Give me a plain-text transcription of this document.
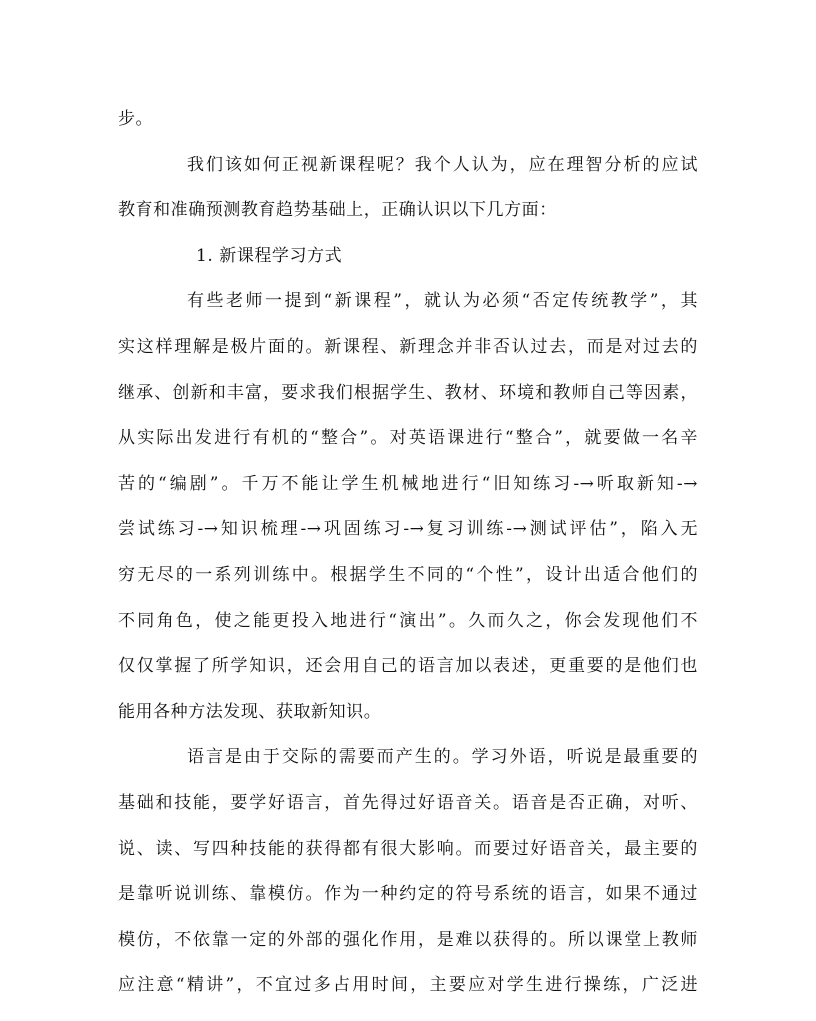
步。
我们该如何正视新课程呢？我个人认为，应在理智分析的应试
教育和准确预测教育趋势基础上，正确认识以下几方面：
1. 新课程学习方式
有些老师一提到“新课程”，就认为必须“否定传统教学”，其
实这样理解是极片面的。新课程、新理念并非否认过去，而是对过去的
继承、创新和丰富，要求我们根据学生、教材、环境和教师自己等因素，
从实际出发进行有机的“整合”。对英语课进行“整合”，就要做一名辛
苦的“编剧”。千万不能让学生机械地进行“旧知练习-→听取新知-→
尝试练习-→知识梳理-→巩固练习-→复习训练-→测试评估”，陷入无
穷无尽的一系列训练中。根据学生不同的“个性”，设计出适合他们的
不同角色，使之能更投入地进行“演出”。久而久之，你会发现他们不
仅仅掌握了所学知识，还会用自己的语言加以表述，更重要的是他们也
能用各种方法发现、获取新知识。
语言是由于交际的需要而产生的。学习外语，听说是最重要的
基础和技能，要学好语言，首先得过好语音关。语音是否正确，对听、
说、读、写四种技能的获得都有很大影响。而要过好语音关，最主要的
是靠听说训练、靠模仿。作为一种约定的符号系统的语言，如果不通过
模仿，不依靠一定的外部的强化作用，是难以获得的。所以课堂上教师
应注意“精讲”，不宜过多占用时间，主要应对学生进行操练，广泛进
